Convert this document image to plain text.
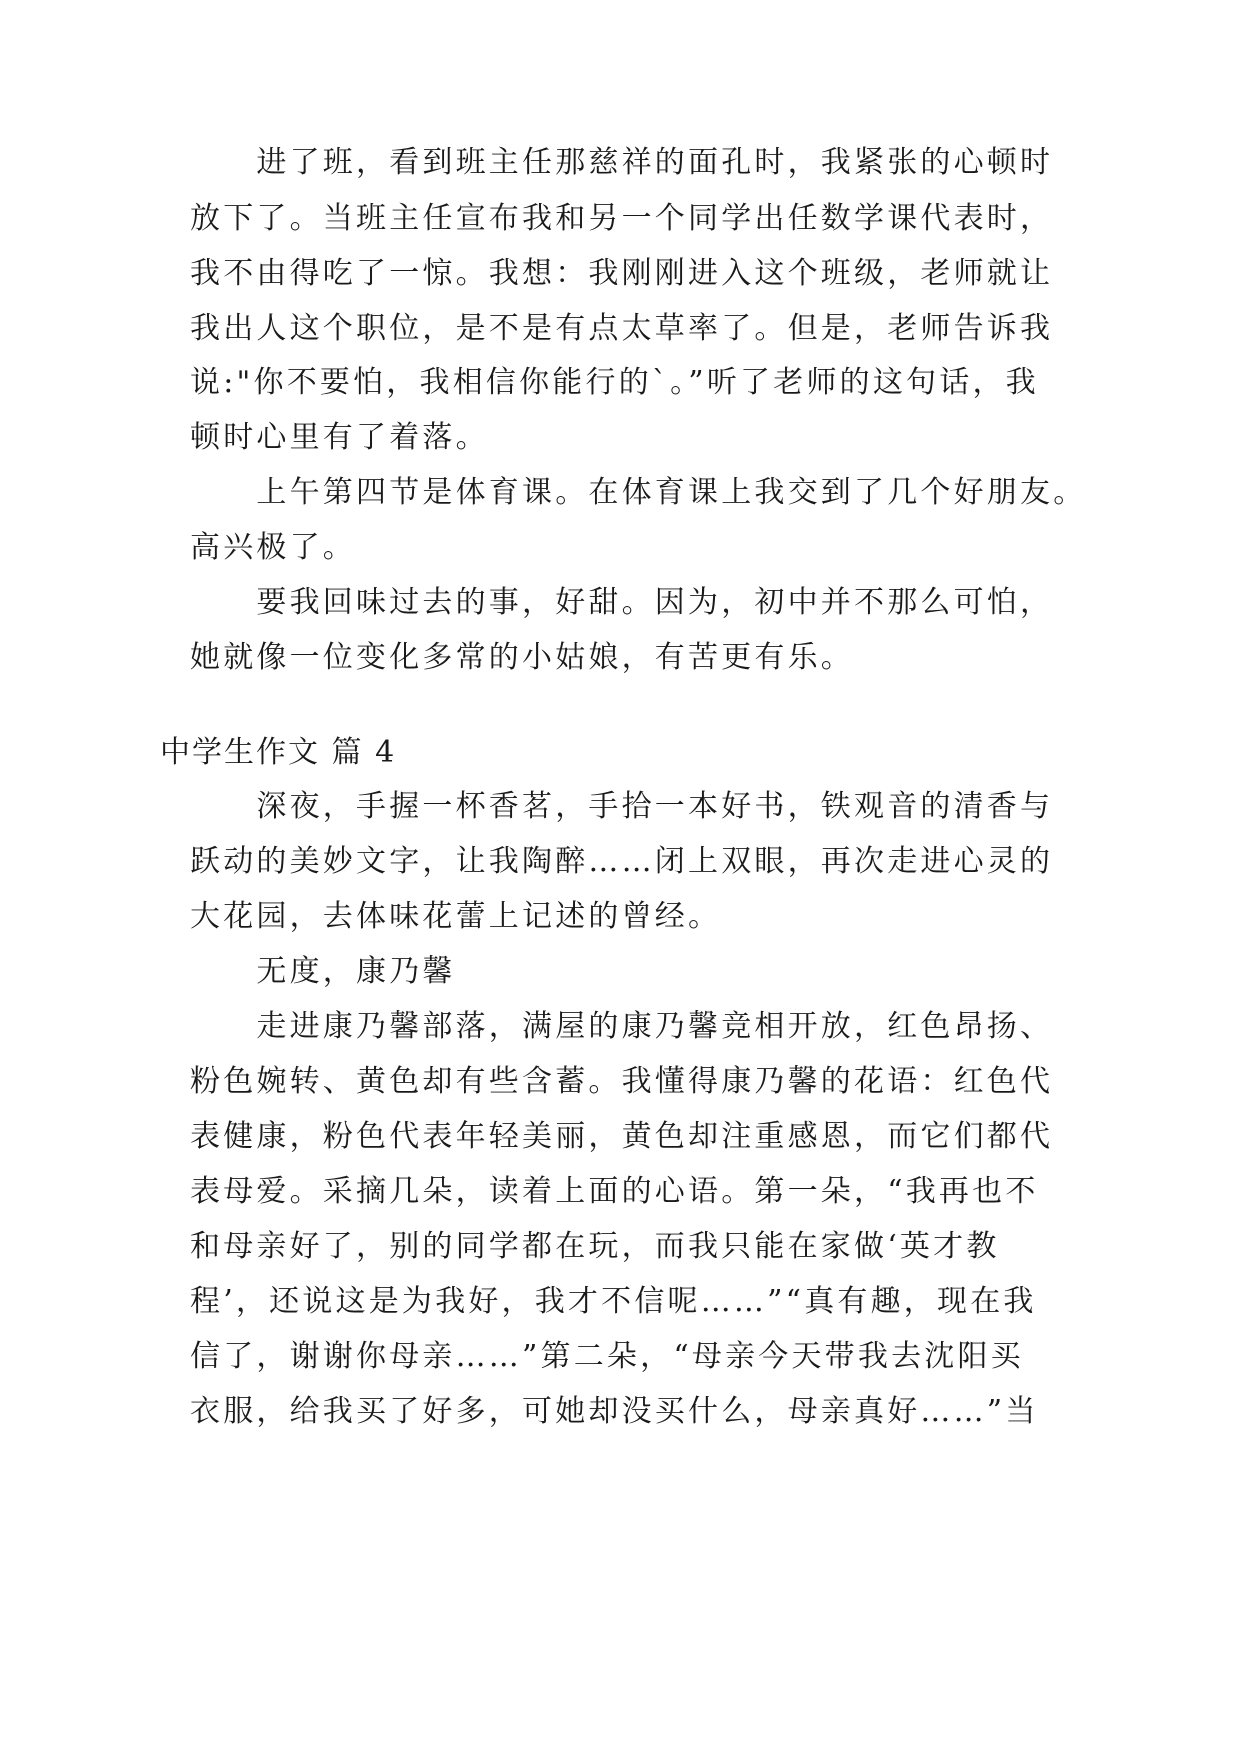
　　进了班，看到班主任那慈祥的面孔时，我紧张的心顿时
放下了。当班主任宣布我和另一个同学出任数学课代表时，
我不由得吃了一惊。我想：我刚刚进入这个班级，老师就让
我出人这个职位，是不是有点太草率了。但是，老师告诉我
说:"你不要怕，我相信你能行的`。”听了老师的这句话，我
顿时心里有了着落。
　　上午第四节是体育课。在体育课上我交到了几个好朋友。
高兴极了。
　　要我回味过去的事，好甜。因为，初中并不那么可怕，
她就像一位变化多常的小姑娘，有苦更有乐。
中学生作文 篇 4
　　深夜，手握一杯香茗，手拾一本好书，铁观音的清香与
跃动的美妙文字，让我陶醉……闭上双眼，再次走进心灵的
大花园，去体味花蕾上记述的曾经。
　　无度，康乃馨
　　走进康乃馨部落，满屋的康乃馨竞相开放，红色昂扬、
粉色婉转、黄色却有些含蓄。我懂得康乃馨的花语：红色代
表健康，粉色代表年轻美丽，黄色却注重感恩，而它们都代
表母爱。采摘几朵，读着上面的心语。第一朵，“我再也不
和母亲好了，别的同学都在玩，而我只能在家做‘英才教
程’，还说这是为我好，我才不信呢……”“真有趣，现在我
信了，谢谢你母亲……”第二朵，“母亲今天带我去沈阳买
衣服，给我买了好多，可她却没买什么，母亲真好……”当
